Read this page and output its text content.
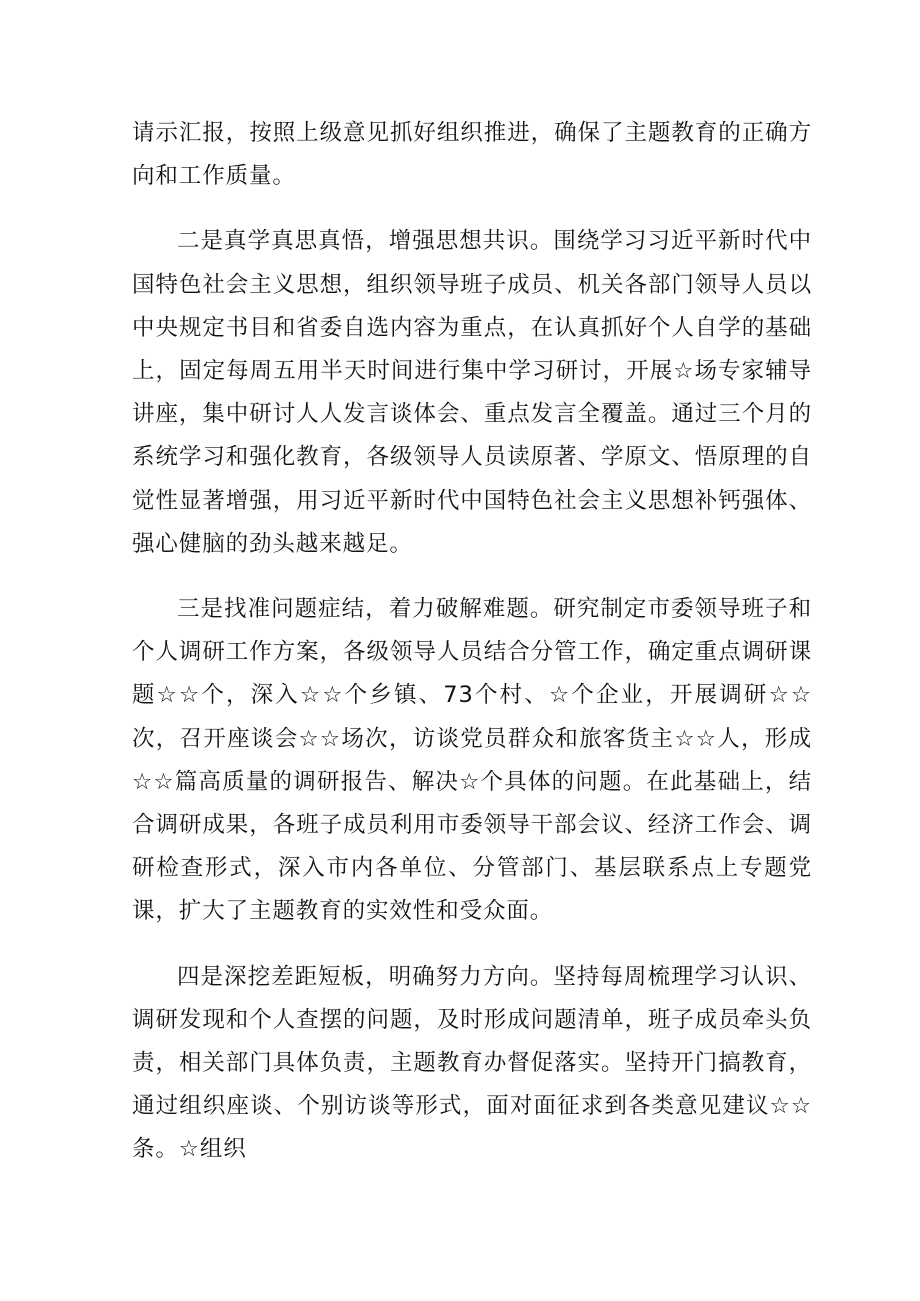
请示汇报，按照上级意见抓好组织推进，确保了主题教育的正确方向和工作质量。

二是真学真思真悟，增强思想共识。围绕学习习近平新时代中国特色社会主义思想，组织领导班子成员、机关各部门领导人员以中央规定书目和省委自选内容为重点，在认真抓好个人自学的基础上，固定每周五用半天时间进行集中学习研讨，开展☆场专家辅导讲座，集中研讨人人发言谈体会、重点发言全覆盖。通过三个月的系统学习和强化教育，各级领导人员读原著、学原文、悟原理的自觉性显著增强，用习近平新时代中国特色社会主义思想补钙强体、强心健脑的劲头越来越足。

三是找准问题症结，着力破解难题。研究制定市委领导班子和个人调研工作方案，各级领导人员结合分管工作，确定重点调研课题☆☆个，深入☆☆个乡镇、73个村、☆个企业，开展调研☆☆次，召开座谈会☆☆场次，访谈党员群众和旅客货主☆☆人，形成☆☆篇高质量的调研报告、解决☆个具体的问题。在此基础上，结合调研成果，各班子成员利用市委领导干部会议、经济工作会、调研检查形式，深入市内各单位、分管部门、基层联系点上专题党课，扩大了主题教育的实效性和受众面。

四是深挖差距短板，明确努力方向。坚持每周梳理学习认识、调研发现和个人查摆的问题，及时形成问题清单，班子成员牵头负责，相关部门具体负责，主题教育办督促落实。坚持开门搞教育，通过组织座谈、个别访谈等形式，面对面征求到各类意见建议☆☆条。☆组织
